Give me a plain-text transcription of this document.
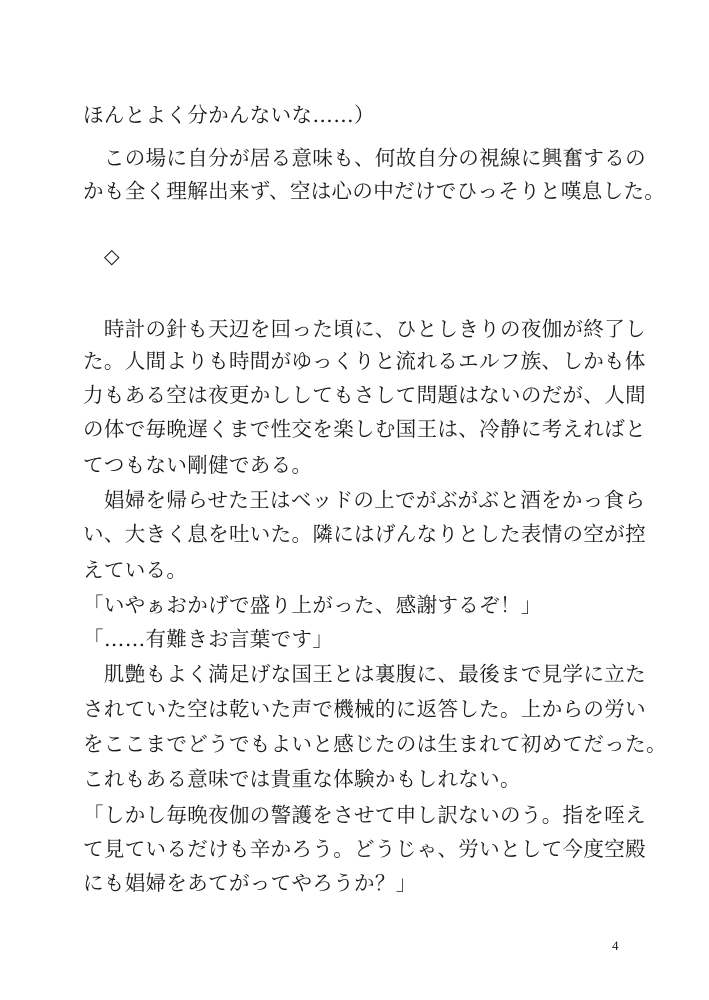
ほんとよく分かんないな……）
　この場に自分が居る意味も、何故自分の視線に興奮するの
かも全く理解出来ず、空は心の中だけでひっそりと嘆息した。
　◇
　時計の針も天辺を回った頃に、ひとしきりの夜伽が終了し
た。人間よりも時間がゆっくりと流れるエルフ族、しかも体
力もある空は夜更かししてもさして問題はないのだが、人間
の体で毎晩遅くまで性交を楽しむ国王は、冷静に考えればと
てつもない剛健である。
　娼婦を帰らせた王はベッドの上でがぶがぶと酒をかっ食ら
い、大きく息を吐いた。隣にはげんなりとした表情の空が控
えている。
「いやぁおかげで盛り上がった、感謝するぞ！」
「……有難きお言葉です」
　肌艶もよく満足げな国王とは裏腹に、最後まで見学に立た
されていた空は乾いた声で機械的に返答した。上からの労い
をここまでどうでもよいと感じたのは生まれて初めてだった。
これもある意味では貴重な体験かもしれない。
「しかし毎晩夜伽の警護をさせて申し訳ないのう。指を咥え
て見ているだけも辛かろう。どうじゃ、労いとして今度空殿
にも娼婦をあてがってやろうか？」
4
